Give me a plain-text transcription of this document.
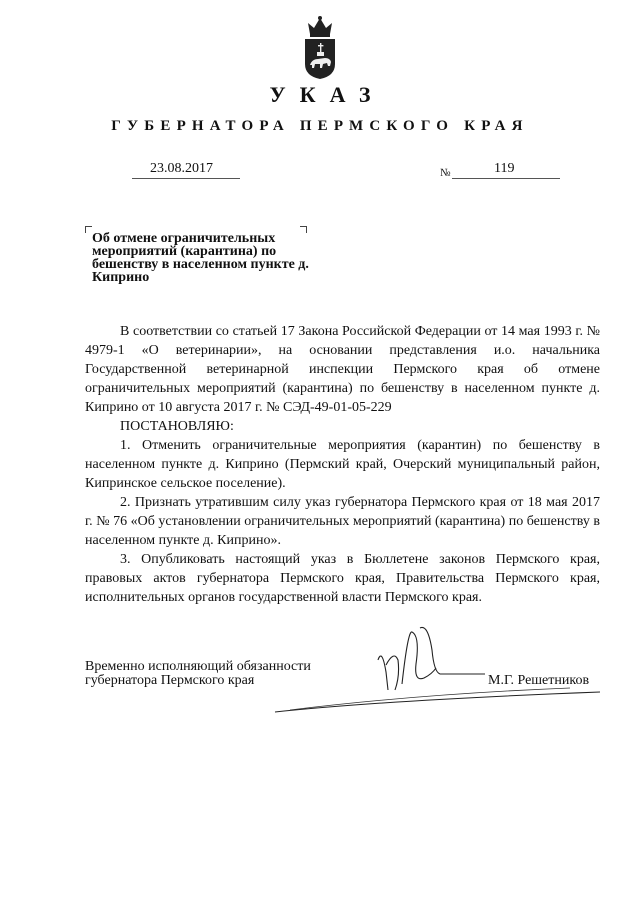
УКАЗ
ГУБЕРНАТОРА ПЕРМСКОГО КРАЯ
23.08.2017	№	119
Об отмене ограничительных мероприятий (карантина) по бешенству в населенном пункте д. Киприно

В соответствии со статьей 17 Закона Российской Федерации от 14 мая 1993 г. № 4979-1 «О ветеринарии», на основании представления и.о. начальника Государственной ветеринарной инспекции Пермского края об отмене ограничительных мероприятий (карантина) по бешенству в населенном пункте д. Киприно от 10 августа 2017 г. № СЭД-49-01-05-229

ПОСТАНОВЛЯЮ:

1. Отменить ограничительные мероприятия (карантин) по бешенству в населенном пункте д. Киприно (Пермский край, Очерский муниципальный район, Кипринское сельское поселение).

2. Признать утратившим силу указ губернатора Пермского края от 18 мая 2017 г. № 76 «Об установлении ограничительных мероприятий (карантина) по бешенству в населенном пункте д. Киприно».

3. Опубликовать настоящий указ в Бюллетене законов Пермского края, правовых актов губернатора Пермского края, Правительства Пермского края, исполнительных органов государственной власти Пермского края.

Временно исполняющий обязанности
губернатора Пермского края	М.Г. Решетников
